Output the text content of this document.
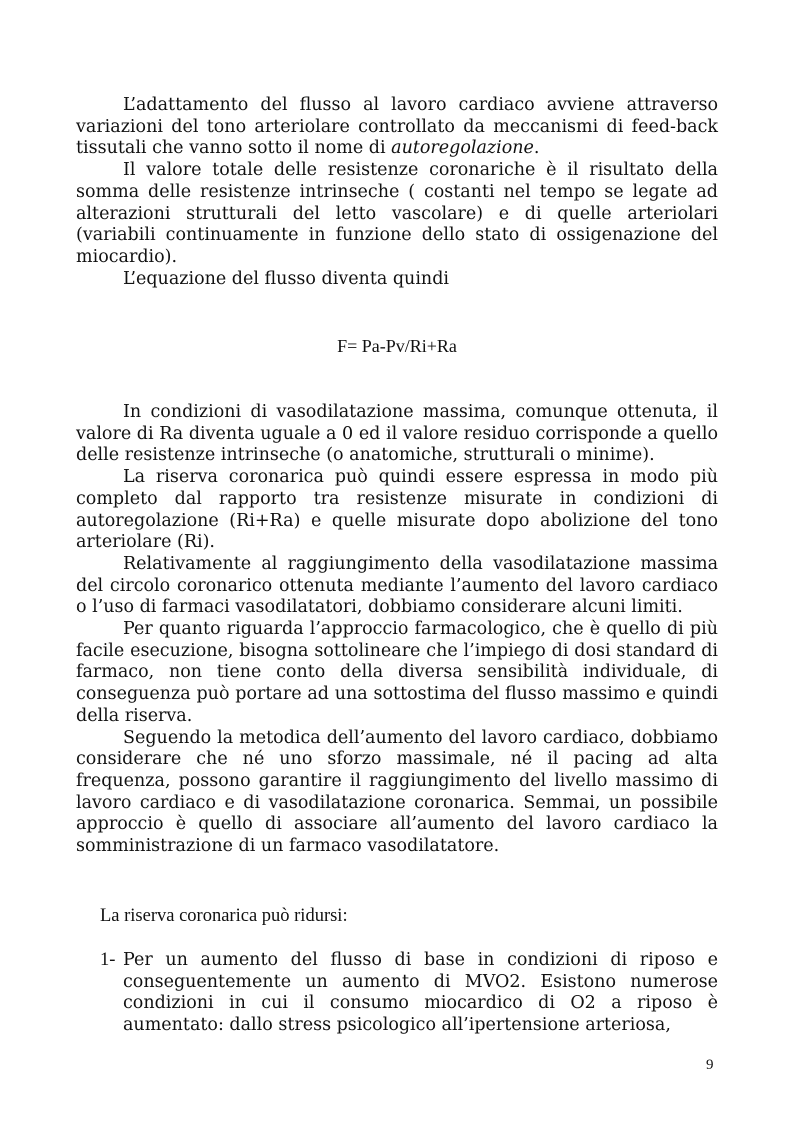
L’adattamento del flusso al lavoro cardiaco avviene attraverso variazioni del tono arteriolare controllato da meccanismi di feed-back tissutali che vanno sotto il nome di autoregolazione.

Il valore totale delle resistenze coronariche è il risultato della somma delle resistenze intrinseche ( costanti nel tempo se legate ad alterazioni strutturali del letto vascolare) e di quelle arteriolari (variabili continuamente in funzione dello stato di ossigenazione del miocardio).

L’equazione del flusso diventa quindi

F= Pa-Pv/Ri+Ra

In condizioni di vasodilatazione massima, comunque ottenuta, il valore di Ra diventa uguale a 0 ed il valore residuo corrisponde a quello delle resistenze intrinseche (o anatomiche, strutturali o minime).

La riserva coronarica può quindi essere espressa in modo più completo dal rapporto tra resistenze misurate in condizioni di autoregolazione (Ri+Ra) e quelle misurate dopo abolizione del tono arteriolare (Ri).

Relativamente al raggiungimento della vasodilatazione massima del circolo coronarico ottenuta mediante l’aumento del lavoro cardiaco o l’uso di farmaci vasodilatatori, dobbiamo considerare alcuni limiti.

Per quanto riguarda l’approccio farmacologico, che è quello di più facile esecuzione, bisogna sottolineare che l’impiego di dosi standard di farmaco, non tiene conto della diversa sensibilità individuale, di conseguenza può portare ad una sottostima del flusso massimo e quindi della riserva.

Seguendo la metodica dell’aumento del lavoro cardiaco, dobbiamo considerare che né uno sforzo massimale, né il pacing ad alta frequenza, possono garantire il raggiungimento del livello massimo di lavoro cardiaco e di vasodilatazione coronarica. Semmai, un possibile approccio è quello di associare all’aumento del lavoro cardiaco la somministrazione di un farmaco vasodilatatore.

La riserva coronarica può ridursi:

1- Per un aumento del flusso di base in condizioni di riposo e conseguentemente un aumento di MVO2. Esistono numerose condizioni in cui il consumo miocardico di O2 a riposo è aumentato: dallo stress psicologico all’ipertensione arteriosa,

9
